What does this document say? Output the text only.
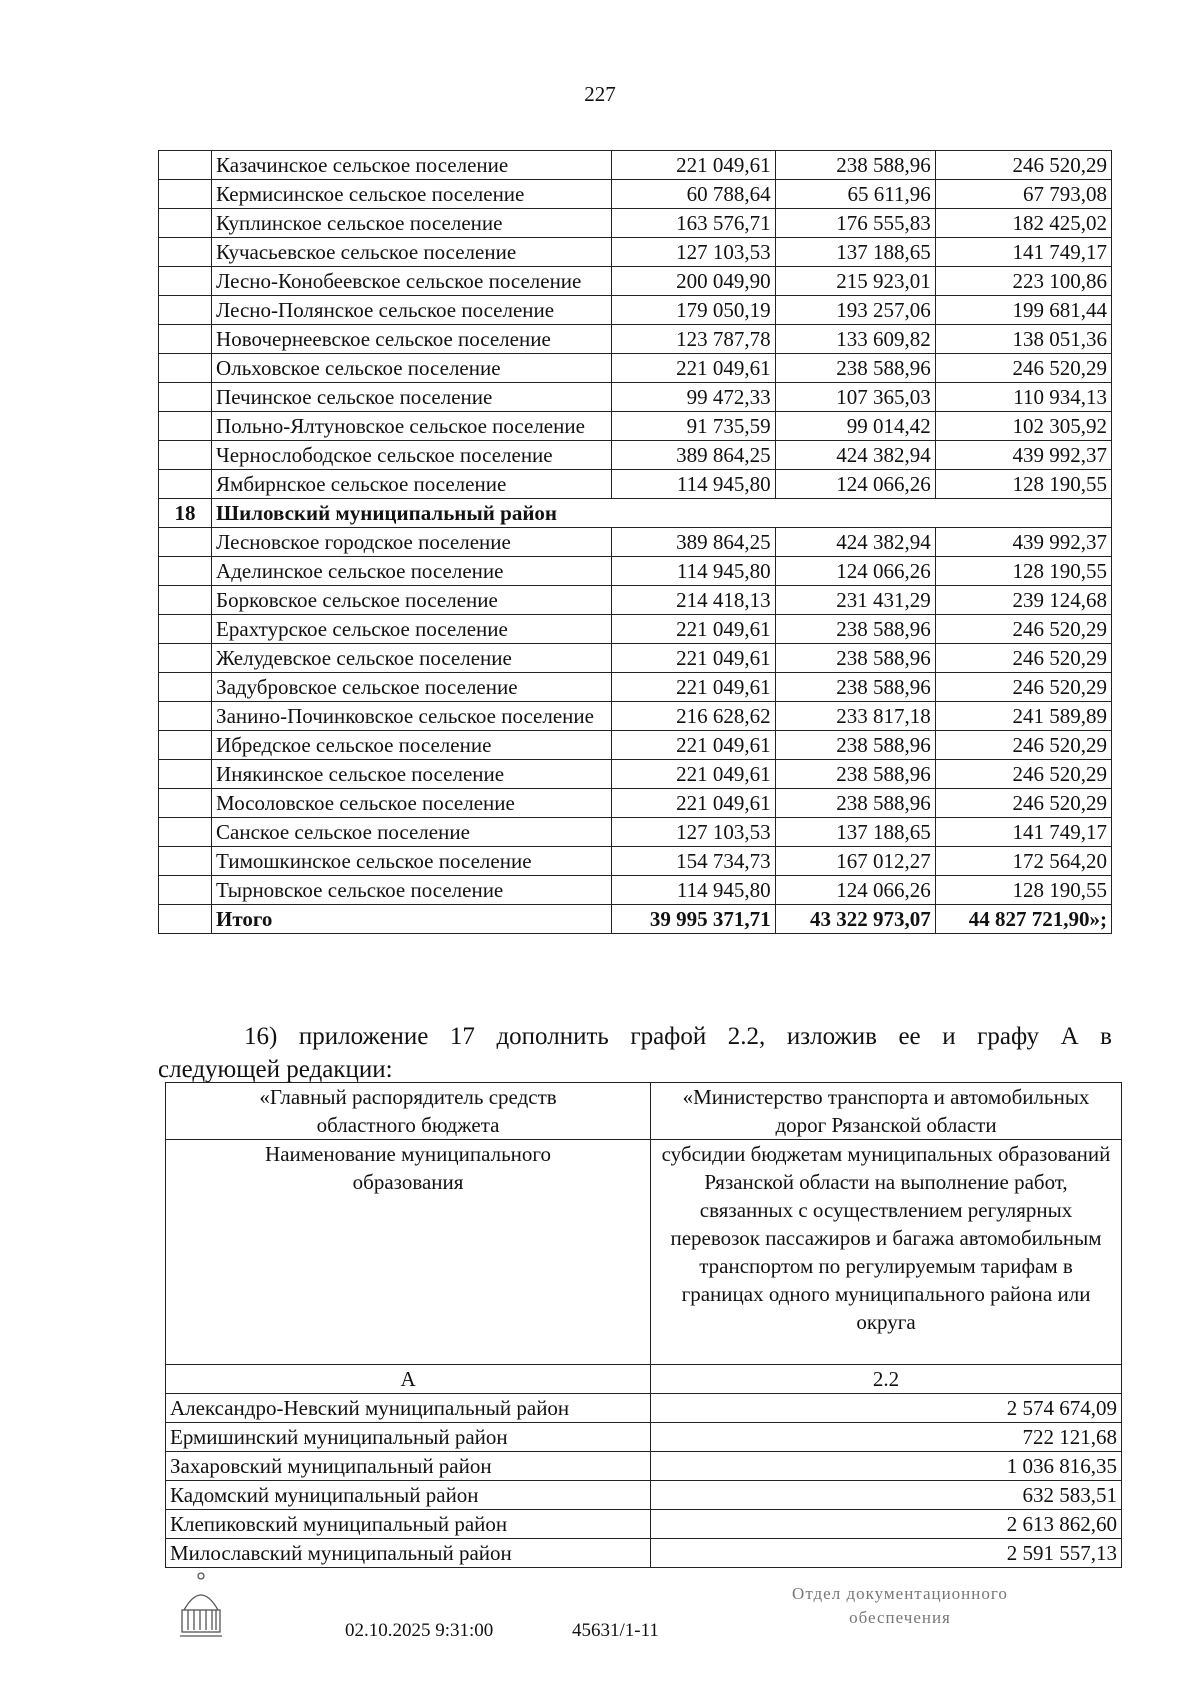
227
	Казачинское сельское поселение	221 049,61	238 588,96	246 520,29
	Кермисинское сельское поселение	60 788,64	65 611,96	67 793,08
	Куплинское сельское поселение	163 576,71	176 555,83	182 425,02
	Кучасьевское сельское поселение	127 103,53	137 188,65	141 749,17
	Лесно-Конобеевское сельское поселение	200 049,90	215 923,01	223 100,86
	Лесно-Полянское сельское поселение	179 050,19	193 257,06	199 681,44
	Новочернеевское сельское поселение	123 787,78	133 609,82	138 051,36
	Ольховское сельское поселение	221 049,61	238 588,96	246 520,29
	Печинское сельское поселение	99 472,33	107 365,03	110 934,13
	Польно-Ялтуновское сельское поселение	91 735,59	99 014,42	102 305,92
	Чернослободское сельское поселение	389 864,25	424 382,94	439 992,37
	Ямбирнское сельское поселение	114 945,80	124 066,26	128 190,55
18	Шиловский муниципальный район			
	Лесновское городское поселение	389 864,25	424 382,94	439 992,37
	Аделинское сельское поселение	114 945,80	124 066,26	128 190,55
	Борковское сельское поселение	214 418,13	231 431,29	239 124,68
	Ерахтурское сельское поселение	221 049,61	238 588,96	246 520,29
	Желудевское сельское поселение	221 049,61	238 588,96	246 520,29
	Задубровское сельское поселение	221 049,61	238 588,96	246 520,29
	Занино-Починковское сельское поселение	216 628,62	233 817,18	241 589,89
	Ибредское сельское поселение	221 049,61	238 588,96	246 520,29
	Инякинское сельское поселение	221 049,61	238 588,96	246 520,29
	Мосоловское сельское поселение	221 049,61	238 588,96	246 520,29
	Санское сельское поселение	127 103,53	137 188,65	141 749,17
	Тимошкинское сельское поселение	154 734,73	167 012,27	172 564,20
	Тырновское сельское поселение	114 945,80	124 066,26	128 190,55
	Итого	39 995 371,71	43 322 973,07	44 827 721,90»;
16) приложение 17 дополнить графой 2.2, изложив ее и графу А в
следующей редакции:
«Главный распорядитель средств областного бюджета	«Министерство транспорта и автомобильных дорог Рязанской области
Наименование муниципального образования	субсидии бюджетам муниципальных образований Рязанской области на выполнение работ, связанных с осуществлением регулярных перевозок пассажиров и багажа автомобильным транспортом по регулируемым тарифам в границах одного муниципального района или округа
А	2.2
Александро-Невский муниципальный район	2 574 674,09
Ермишинский муниципальный район	722 121,68
Захаровский муниципальный район	1 036 816,35
Кадомский муниципальный район	632 583,51
Клепиковский муниципальный район	2 613 862,60
Милославский муниципальный район	2 591 557,13
02.10.2025 9:31:00	45631/1-11
Отдел документационного
обеспечения
